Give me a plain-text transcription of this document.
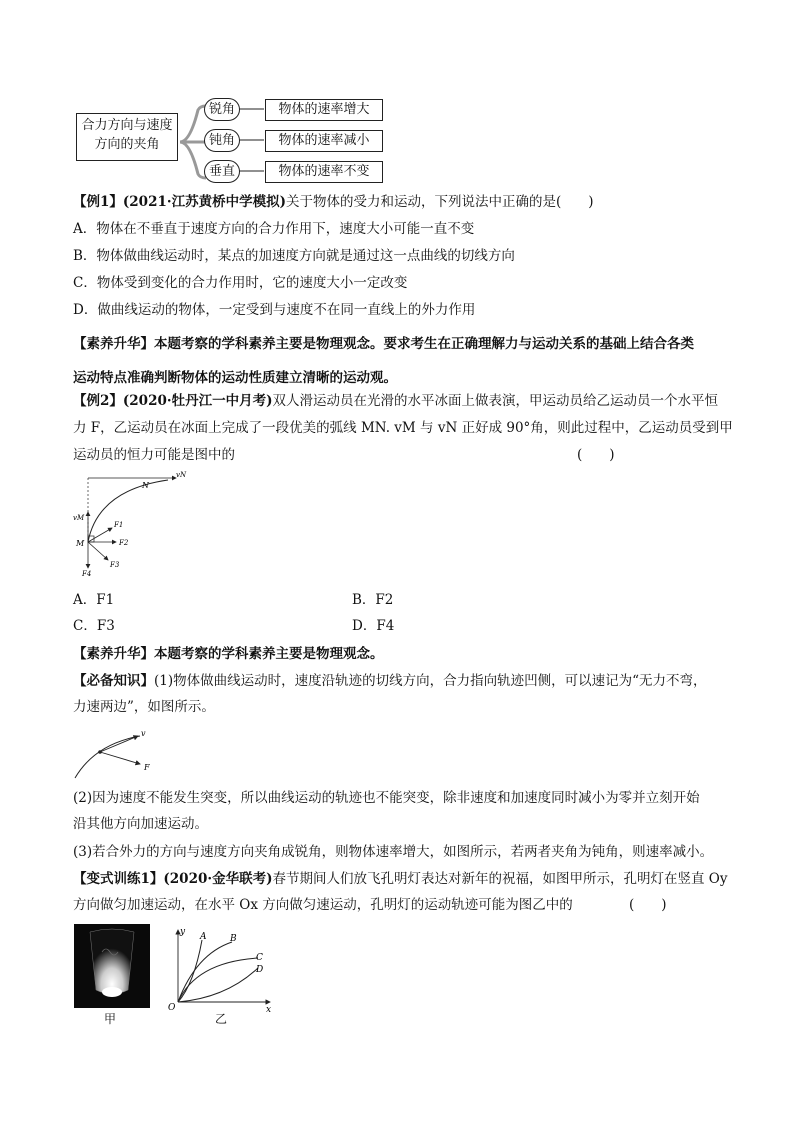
合力方向与速度方向的夹角
锐角
钝角
垂直
物体的速率增大
物体的速率减小
物体的速率不变
【例1】(2021·江苏黄桥中学模拟)关于物体的受力和运动，下列说法中正确的是(　　)
A．物体在不垂直于速度方向的合力作用下，速度大小可能一直不变
B．物体做曲线运动时，某点的加速度方向就是通过这一点曲线的切线方向
C．物体受到变化的合力作用时，它的速度大小一定改变
D．做曲线运动的物体，一定受到与速度不在同一直线上的外力作用
【素养升华】本题考察的学科素养主要是物理观念。要求考生在正确理解力与运动关系的基础上结合各类
运动特点准确判断物体的运动性质建立清晰的运动观。
【例2】(2020·牡丹江一中月考)双人滑运动员在光滑的水平冰面上做表演，甲运动员给乙运动员一个水平恒
力 F，乙运动员在冰面上完成了一段优美的弧线 MN. vM 与 vN 正好成 90°角，则此过程中，乙运动员受到甲
运动员的恒力可能是图中的	(　　)
vN
N
vM
M
F1
F2
F3
F4
A．F1	B．F2
C．F3	D．F4
【素养升华】本题考察的学科素养主要是物理观念。
【必备知识】(1)物体做曲线运动时，速度沿轨迹的切线方向，合力指向轨迹凹侧，可以速记为“无力不弯，
力速两边”，如图所示。
v
F
(2)因为速度不能发生突变，所以曲线运动的轨迹也不能突变，除非速度和加速度同时减小为零并立刻开始
沿其他方向加速运动。
(3)若合外力的方向与速度方向夹角成锐角，则物体速率增大，如图所示，若两者夹角为钝角，则速率减小。
【变式训练1】(2020·金华联考)春节期间人们放飞孔明灯表达对新年的祝福，如图甲所示，孔明灯在竖直 Oy
方向做匀加速运动，在水平 Ox 方向做匀速运动，孔明灯的运动轨迹可能为图乙中的	(　　)
甲
y
x
O
A	B
C
D
乙
